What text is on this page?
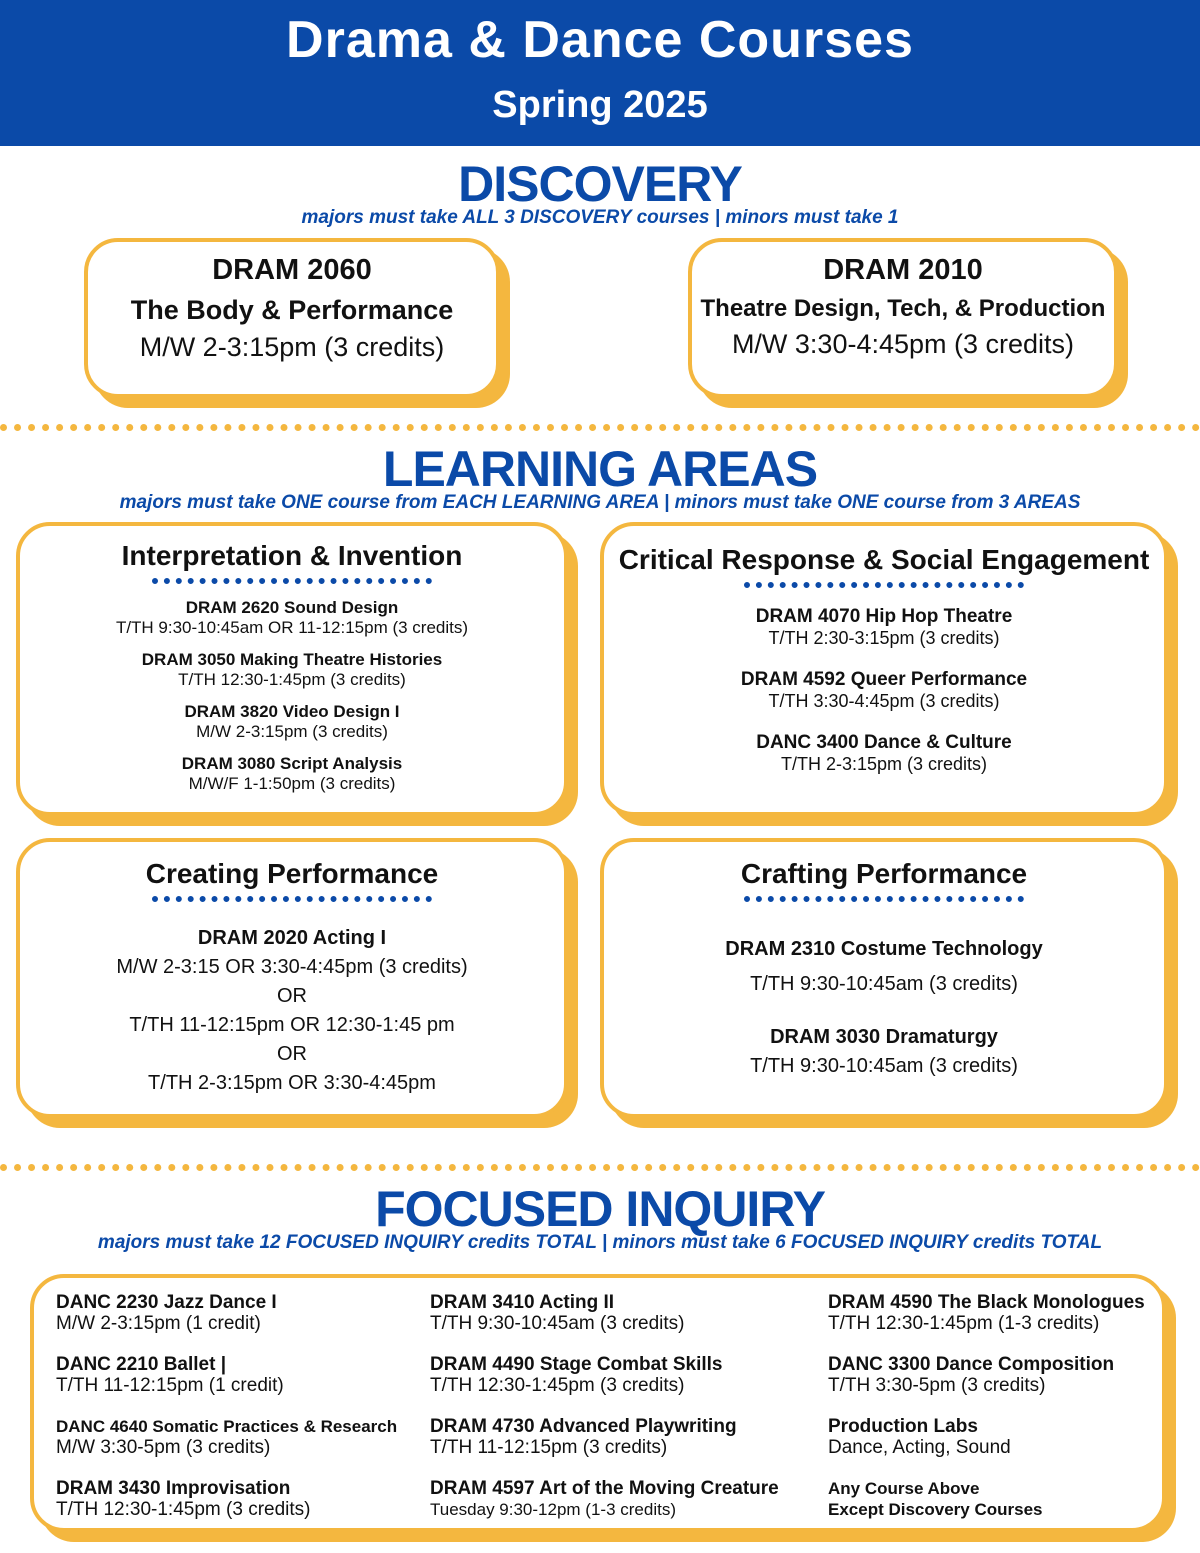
Drama & Dance Courses
Spring 2025
DISCOVERY
majors must take ALL 3 DISCOVERY courses | minors must take 1
DRAM 2060
The Body & Performance
M/W 2-3:15pm (3 credits)
DRAM 2010
Theatre Design, Tech, & Production
M/W 3:30-4:45pm (3 credits)
LEARNING AREAS
majors must take ONE course from EACH LEARNING AREA | minors must take ONE course from 3 AREAS
Interpretation & Invention
DRAM 2620 Sound Design
T/TH 9:30-10:45am OR 11-12:15pm (3 credits)
DRAM 3050 Making Theatre Histories
T/TH 12:30-1:45pm (3 credits)
DRAM 3820 Video Design I
M/W 2-3:15pm (3 credits)
DRAM 3080 Script Analysis
M/W/F 1-1:50pm (3 credits)
Critical Response & Social Engagement
DRAM 4070 Hip Hop Theatre
T/TH 2:30-3:15pm (3 credits)
DRAM 4592 Queer Performance
T/TH 3:30-4:45pm (3 credits)
DANC 3400 Dance & Culture
T/TH 2-3:15pm (3 credits)
Creating Performance
DRAM 2020 Acting I
M/W 2-3:15 OR 3:30-4:45pm (3 credits)
OR
T/TH 11-12:15pm OR 12:30-1:45 pm
OR
T/TH 2-3:15pm OR 3:30-4:45pm
Crafting Performance
DRAM 2310 Costume Technology
T/TH 9:30-10:45am (3 credits)
DRAM 3030 Dramaturgy
T/TH 9:30-10:45am (3 credits)
FOCUSED INQUIRY
majors must take 12 FOCUSED INQUIRY credits TOTAL | minors must take 6 FOCUSED INQUIRY credits TOTAL
DANC 2230 Jazz Dance I
M/W 2-3:15pm (1 credit)
DANC 2210 Ballet |
T/TH 11-12:15pm (1 credit)
DANC 4640 Somatic Practices & Research
M/W 3:30-5pm (3 credits)
DRAM 3430 Improvisation
T/TH 12:30-1:45pm (3 credits)
DRAM 3410 Acting II
T/TH 9:30-10:45am (3 credits)
DRAM 4490 Stage Combat Skills
T/TH 12:30-1:45pm (3 credits)
DRAM 4730 Advanced Playwriting
T/TH 11-12:15pm (3 credits)
DRAM 4597 Art of the Moving Creature
Tuesday 9:30-12pm (1-3 credits)
DRAM 4590 The Black Monologues
T/TH 12:30-1:45pm (1-3 credits)
DANC 3300 Dance Composition
T/TH 3:30-5pm (3 credits)
Production Labs
Dance, Acting, Sound
Any Course Above
Except Discovery Courses
